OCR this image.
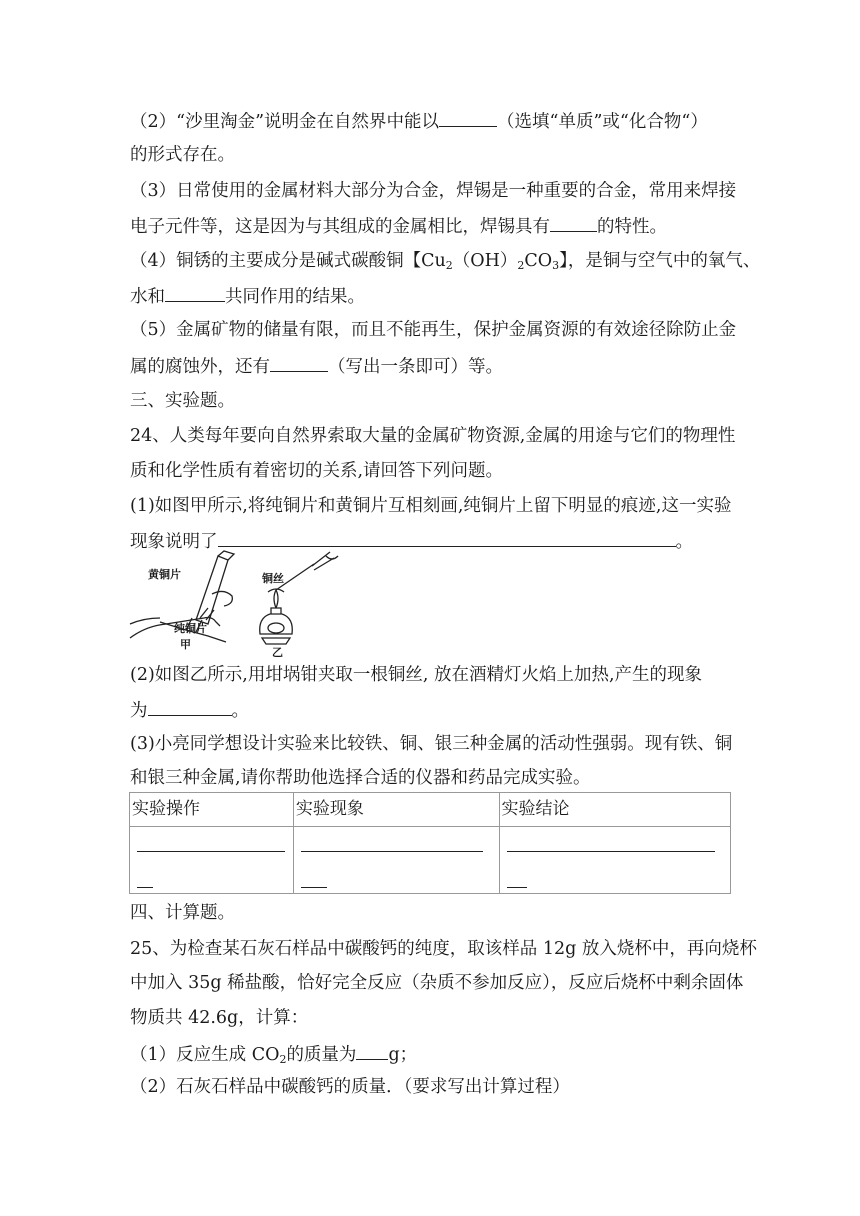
（2）“沙里淘金”说明金在自然界中能以	（选填“单质”或“化合物“）
的形式存在。
（3）日常使用的金属材料大部分为合金，焊锡是一种重要的合金，常用来焊接
电子元件等，这是因为与其组成的金属相比，焊锡具有	的特性。
（4）铜锈的主要成分是碱式碳酸铜【$Cu_2(OH)_2CO_3$】，是铜与空气中的氧气、
水和	共同作用的结果。
（5）金属矿物的储量有限，而且不能再生，保护金属资源的有效途径除防止金
属的腐蚀外，还有	（写出一条即可）等。
三、实验题。
24、人类每年要向自然界索取大量的金属矿物资源,金属的用途与它们的物理性
质和化学性质有着密切的关系,请回答下列问题。
(1)如图甲所示,将纯铜片和黄铜片互相刻画,纯铜片上留下明显的痕迹,这一实验
现象说明了	。
黄铜片
纯铜片
甲
铜丝
乙
(2)如图乙所示,用坩埚钳夹取一根铜丝, 放在酒精灯火焰上加热,产生的现象
为	。
(3)小亮同学想设计实验来比较铁、铜、银三种金属的活动性强弱。现有铁、铜
和银三种金属,请你帮助他选择合适的仪器和药品完成实验。
实验操作	实验现象	实验结论

四、计算题。
25、为检查某石灰石样品中碳酸钙的纯度，取该样品 12g 放入烧杯中，再向烧杯
中加入 35g 稀盐酸，恰好完全反应（杂质不参加反应），反应后烧杯中剩余固体
物质共 42.6g，计算：
（1）反应生成 $CO_2$的质量为 g；
（2）石灰石样品中碳酸钙的质量．（要求写出计算过程）
